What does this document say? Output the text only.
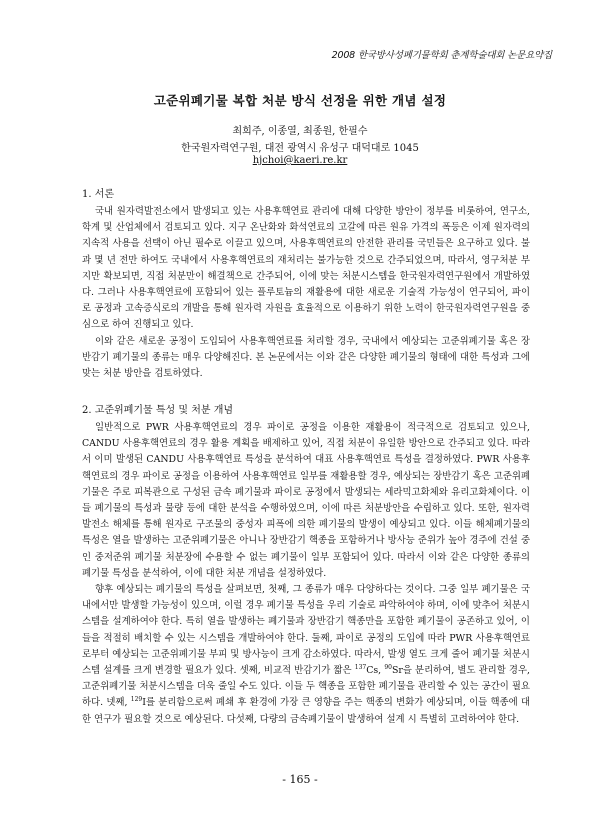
2008 한국방사성폐기물학회 춘계학술대회 논문요약집
고준위폐기물 복합 처분 방식 선정을 위한 개념 설정
최희주, 이종열, 최종원, 한필수
한국원자력연구원, 대전 광역시 유성구 대덕대로 1045
hjchoi@kaeri.re.kr
1. 서론

국내 원자력발전소에서 발생되고 있는 사용후핵연료 관리에 대해 다양한 방안이 정부를 비롯하여, 연구소, 학계 및 산업체에서 검토되고 있다. 지구 온난화와 화석연료의 고갈에 따른 원유 가격의 폭등은 이제 원자력의 지속적 사용을 선택이 아닌 필수로 이끌고 있으며, 사용후핵연료의 안전한 관리를 국민들은 요구하고 있다. 불과 몇 년 전만 하여도 국내에서 사용후핵연료의 재처리는 불가능한 것으로 간주되었으며, 따라서, 영구처분 부지만 확보되면, 직접 처분만이 해결책으로 간주되어, 이에 맞는 처분시스템을 한국원자력연구원에서 개발하였다. 그러나 사용후핵연료에 포함되어 있는 플루토늄의 재활용에 대한 새로운 기술적 가능성이 연구되어, 파이로 공정과 고속증식로의 개발을 통해 원자력 자원을 효율적으로 이용하기 위한 노력이 한국원자력연구원을 중심으로 하여 진행되고 있다.

이와 같은 새로운 공정이 도입되어 사용후핵연료를 처리할 경우, 국내에서 예상되는 고준위폐기물 혹은 장반감기 폐기물의 종류는 매우 다양해진다. 본 논문에서는 이와 같은 다양한 폐기물의 형태에 대한 특성과 그에 맞는 처분 방안을 검토하였다.

2. 고준위폐기물 특성 및 처분 개념

일반적으로 PWR 사용후핵연료의 경우 파이로 공정을 이용한 재활용이 적극적으로 검토되고 있으나, CANDU 사용후핵연료의 경우 활용 계획을 배제하고 있어, 직접 처분이 유일한 방안으로 간주되고 있다. 따라서 이미 발생된 CANDU 사용후핵연료 특성을 분석하여 대표 사용후핵연료 특성을 결정하였다. PWR 사용후핵연료의 경우 파이로 공정을 이용하여 사용후핵연료 일부를 재활용할 경우, 예상되는 장반감기 혹은 고준위폐기물은 주로 피복관으로 구성된 금속 폐기물과 파이로 공정에서 발생되는 세라믹고화체와 유리고화체이다. 이들 폐기물의 특성과 물량 등에 대한 분석을 수행하였으며, 이에 따른 처분방안을 수립하고 있다. 또한, 원자력발전소 해체를 통해 원자로 구조물의 중성자 피폭에 의한 폐기물의 발생이 예상되고 있다. 이들 해체폐기물의 특성은 열을 발생하는 고준위폐기물은 아니나 장반감기 핵종을 포함하거나 방사능 준위가 높아 경주에 건설 중인 중저준위 폐기물 처분장에 수용할 수 없는 폐기물이 일부 포함되어 있다. 따라서 이와 같은 다양한 종류의 폐기물 특성을 분석하여, 이에 대한 처분 개념을 설정하였다.

향후 예상되는 폐기물의 특성을 살펴보면, 첫째, 그 종류가 매우 다양하다는 것이다. 그중 일부 폐기물은 국내에서만 발생할 가능성이 있으며, 이럴 경우 폐기물 특성을 우리 기술로 파악하여야 하며, 이에 맞추어 처분시스템을 설계하여야 한다. 특히 열을 발생하는 폐기물과 장반감기 핵종만을 포함한 폐기물이 공존하고 있어, 이들을 적절히 배치할 수 있는 시스템을 개발하여야 한다. 둘째, 파이로 공정의 도입에 따라 PWR 사용후핵연료로부터 예상되는 고준위폐기물 부피 및 방사능이 크게 감소하였다. 따라서, 발생 열도 크게 줄어 폐기물 처분시스템 설계를 크게 변경할 필요가 있다. 셋째, 비교적 반감기가 짧은 $^{137}$Cs, $^{90}$Sr을 분리하여, 별도 관리할 경우, 고준위폐기물 처분시스템을 더욱 줄일 수도 있다. 이들 두 핵종을 포함한 폐기물을 관리할 수 있는 공간이 필요하다. 넷째, $^{129}$I를 분리함으로써 폐쇄 후 환경에 가장 큰 영향을 주는 핵종의 변화가 예상되며, 이들 핵종에 대한 연구가 필요할 것으로 예상된다. 다섯째, 다량의 금속폐기물이 발생하여 설계 시 특별히 고려하여야 한다.

- 165 -
